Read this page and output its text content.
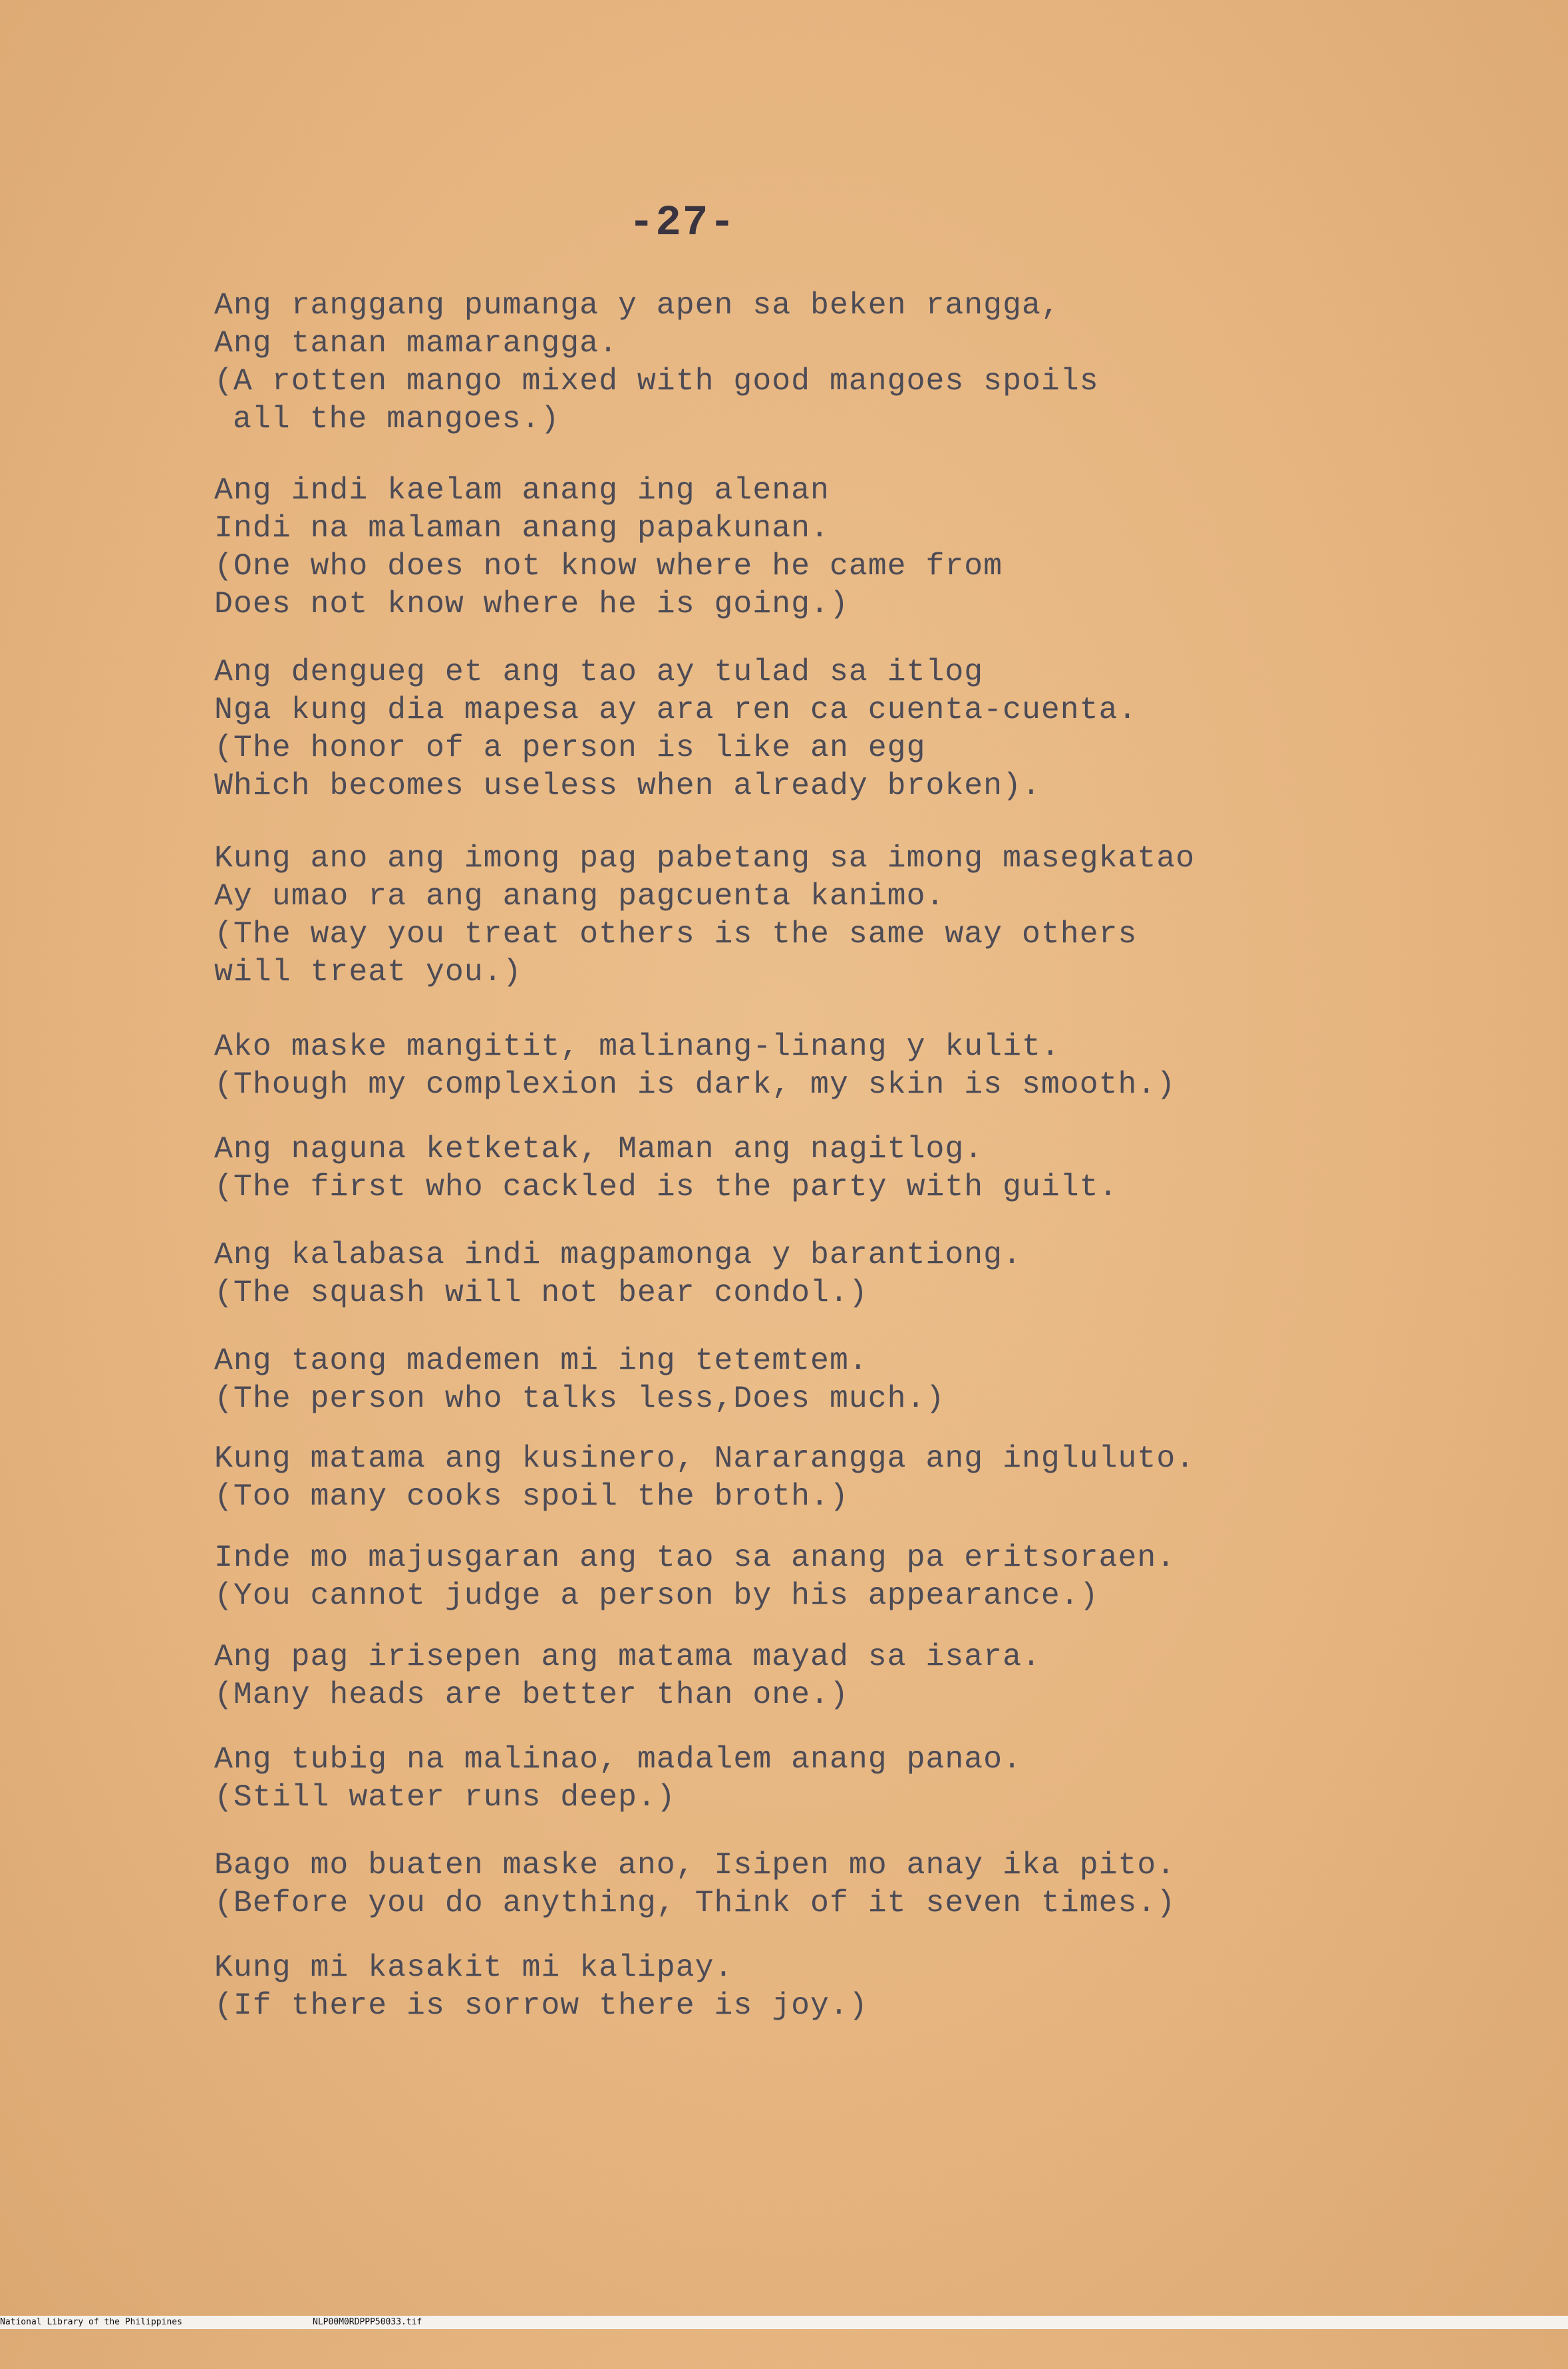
-27-
Ang ranggang pumanga y apen sa beken rangga,
Ang tanan mamarangga.
(A rotten mango mixed with good mangoes spoils
all the mangoes.)
Ang indi kaelam anang ing alenan
Indi na malaman anang papakunan.
(One who does not know where he came from
Does not know where he is going.)
Ang dengueg et ang tao ay tulad sa itlog
Nga kung dia mapesa ay ara ren ca cuenta-cuenta.
(The honor of a person is like an egg
Which becomes useless when already broken).
Kung ano ang imong pag pabetang sa imong masegkatao
Ay umao ra ang anang pagcuenta kanimo.
(The way you treat others is the same way others
will treat you.)
Ako maske mangitit, malinang-linang y kulit.
(Though my complexion is dark, my skin is smooth.)
Ang naguna ketketak, Maman ang nagitlog.
(The first who cackled is the party with guilt.
Ang kalabasa indi magpamonga y barantiong.
(The squash will not bear condol.)
Ang taong mademen mi ing tetemtem.
(The person who talks less,Does much.)
Kung matama ang kusinero, Nararangga ang ingluluto.
(Too many cooks spoil the broth.)
Inde mo majusgaran ang tao sa anang pa eritsoraen.
(You cannot judge a person by his appearance.)
Ang pag irisepen ang matama mayad sa isara.
(Many heads are better than one.)
Ang tubig na malinao, madalem anang panao.
(Still water runs deep.)
Bago mo buaten maske ano, Isipen mo anay ika pito.
(Before you do anything, Think of it seven times.)
Kung mi kasakit mi kalipay.
(If there is sorrow there is joy.)

National Library of the Philippines

	NLP00M0RDPPP50033.tif
